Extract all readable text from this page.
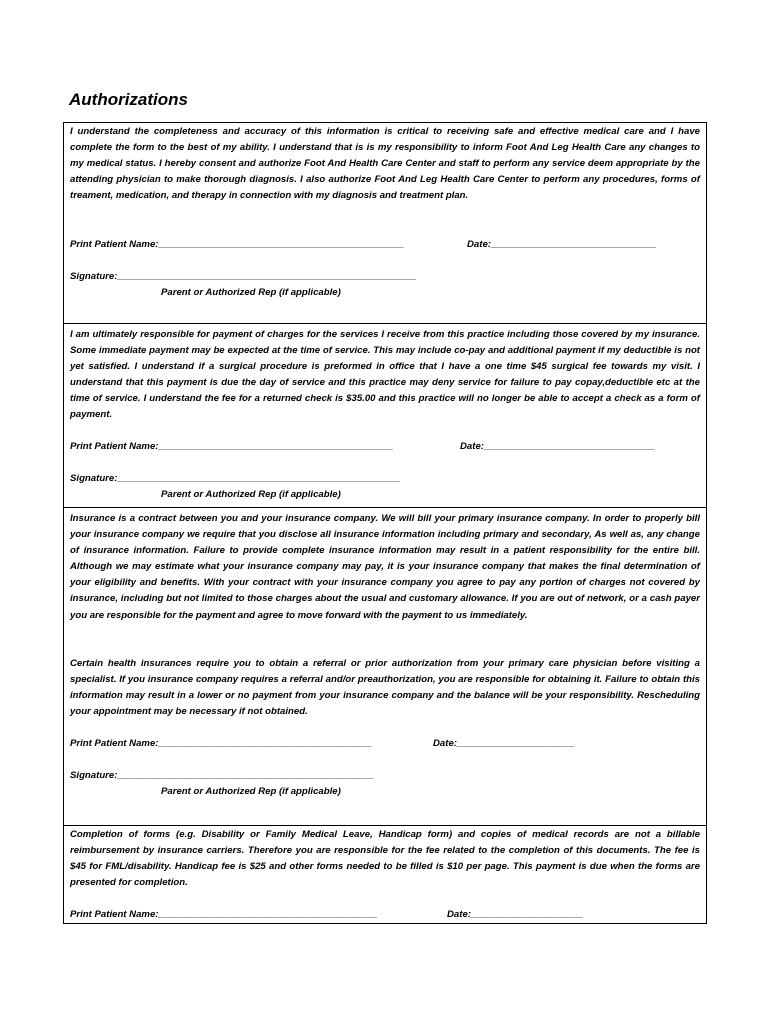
Authorizations

I understand the completeness and accuracy of this information is critical to receiving safe and effective medical care and I have complete the form to the best of my ability. I understand that is is my responsibility to inform Foot And Leg Health Care any changes to my medical status. I hereby consent and authorize Foot And Health Care Center and staff to perform any service deem appropriate by the attending physician to make thorough diagnosis. I also authorize Foot And Leg Health Care Center to perform any procedures, forms of treament, medication, and therapy in connection with my diagnosis and treatment plan.

Print Patient Name:______________________________________________	Date:_______________________________

Signature:________________________________________________________

Parent or Authorized Rep (if applicable)

I am ultimately responsible for payment of charges for the services I receive from this practice including those covered by my insurance. Some immediate payment may be expected at the time of service. This may include co-pay and additional payment if my deductible is not yet satisfied. I understand if a surgical procedure is preformed in office that I have a one time $45 surgical fee towards my visit. I understand that this payment is due the day of service and this practice may deny service for failure to pay copay,deductible etc at the time of service. I understand the fee for a returned check is $35.00 and this practice will no longer be able to accept a check as a form of payment.

Print Patient Name:____________________________________________	Date:________________________________

Signature:_____________________________________________________

Parent or Authorized Rep (if applicable)

Insurance is a contract between you and your insurance company. We will bill your primary insurance company. In order to properly bill your insurance company we require that you disclose all insurance information including primary and secondary, As well as, any change of insurance information. Failure to provide complete insurance information may result in a patient responsibility for the entire bill. Although we may estimate what your insurance company may pay, it is your insurance company that makes the final determination of your eligibility and benefits. With your contract with your insurance company you agree to pay any portion of charges not covered by insurance, including but not limited to those charges about the usual and customary allowance. If you are out of network, or a cash payer you are responsible for the payment and agree to move forward with the payment to us immediately.

Certain health insurances require you to obtain a referral or prior authorization from your primary care physician before visiting a specialist. If you insurance company requires a referral and/or preauthorization, you are responsible for obtaining it. Failure to obtain this information may result in a lower or no payment from your insurance company and the balance will be your responsibility. Rescheduling your appointment may be necessary if not obtained.

Print Patient Name:________________________________________	Date:______________________

Signature:________________________________________________

Parent or Authorized Rep (if applicable)

Completion of forms (e.g. Disability or Family Medical Leave, Handicap form) and copies of medical records are not a billable reimbursement by insurance carriers. Therefore you are responsible for the fee related to the completion of this documents. The fee is $45 for FML/disability. Handicap fee is $25 and other forms needed to be filled is $10 per page. This payment is due when the forms are presented for completion.

Print Patient Name:_________________________________________	Date:_____________________
